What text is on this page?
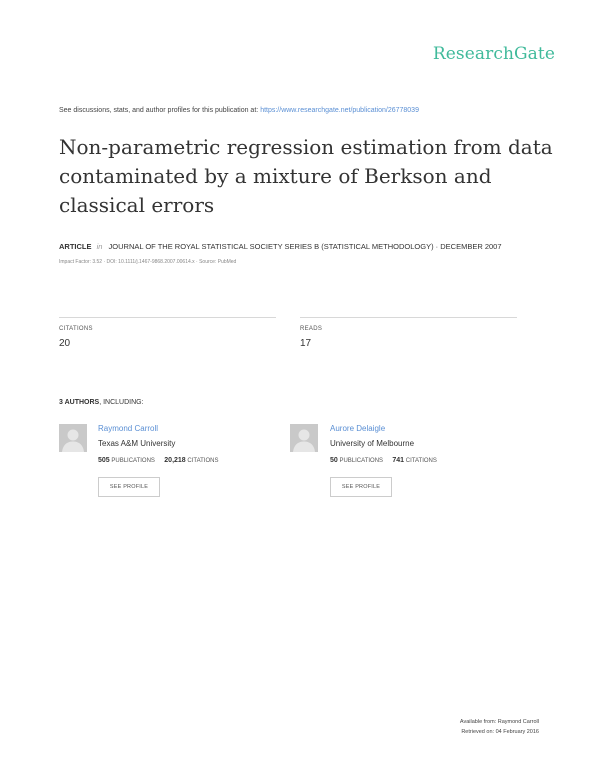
ResearchGate
See discussions, stats, and author profiles for this publication at: https://www.researchgate.net/publication/26778039
Non-parametric regression estimation from data contaminated by a mixture of Berkson and classical errors
ARTICLE in JOURNAL OF THE ROYAL STATISTICAL SOCIETY SERIES B (STATISTICAL METHODOLOGY) · DECEMBER 2007
Impact Factor: 3.52 · DOI: 10.1111/j.1467-9868.2007.00614.x · Source: PubMed
CITATIONS
20
READS
17
3 AUTHORS, INCLUDING:
Raymond Carroll
Texas A&M University
505 PUBLICATIONS 20,218 CITATIONS
SEE PROFILE
Aurore Delaigle
University of Melbourne
50 PUBLICATIONS 741 CITATIONS
SEE PROFILE
Available from: Raymond Carroll
Retrieved on: 04 February 2016
